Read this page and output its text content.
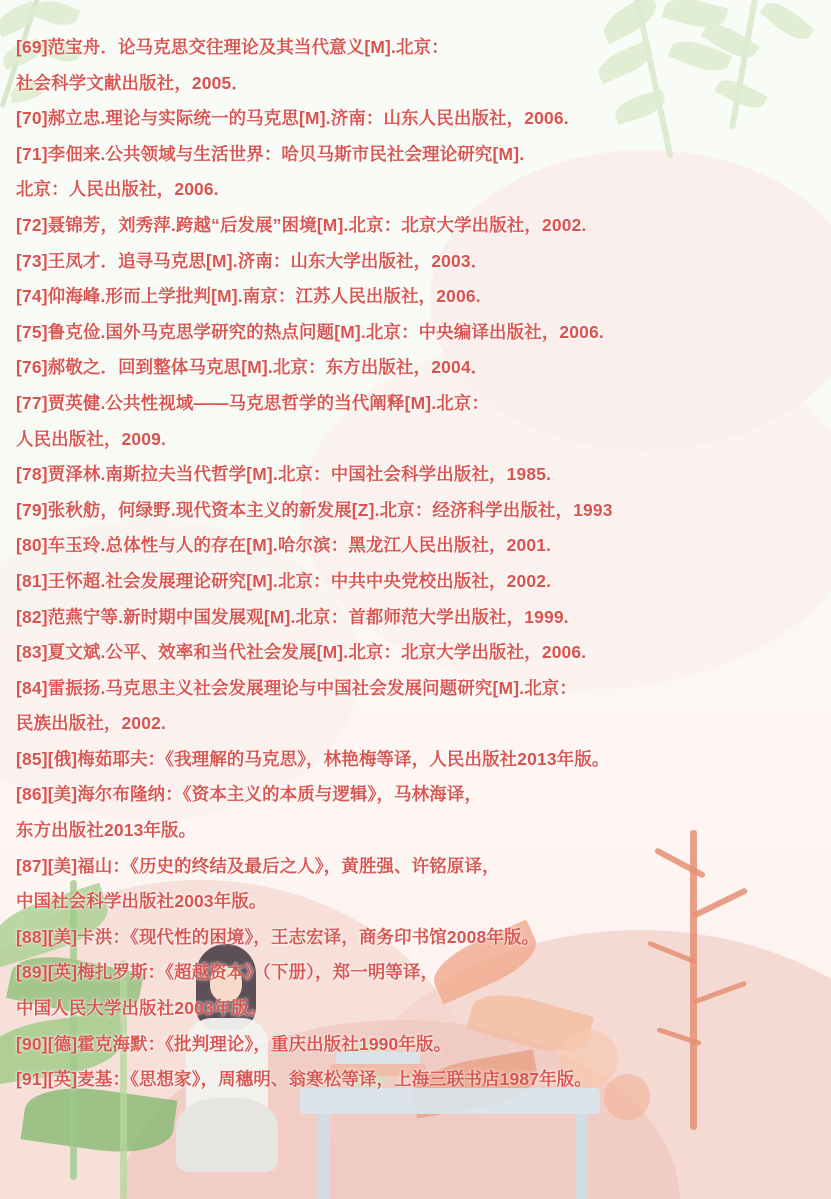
[69]范宝舟．论马克思交往理论及其当代意义[M].北京：
社会科学文献出版社，2005．
[70]郝立忠.理论与实际统一的马克思[M].济南：山东人民出版社，2006.
[71]李佃来.公共领域与生活世界：哈贝马斯市民社会理论研究[M].
北京：人民出版社，2006.
[72]聂锦芳，刘秀萍.跨越“后发展”困境[M].北京：北京大学出版社，2002.
[73]王凤才．追寻马克思[M].济南：山东大学出版社，2003．
[74]仰海峰.形而上学批判[M].南京：江苏人民出版社，2006.
[75]鲁克俭.国外马克思学研究的热点问题[M].北京：中央编译出版社，2006.
[76]郝敬之．回到整体马克思[M].北京：东方出版社，2004．
[77]贾英健.公共性视域——马克思哲学的当代阐释[M].北京：
人民出版社，2009.
[78]贾泽林.南斯拉夫当代哲学[M].北京：中国社会科学出版社，1985.
[79]张秋舫，何绿野.现代资本主义的新发展[Z].北京：经济科学出版社，1993
[80]车玉玲.总体性与人的存在[M].哈尔滨：黑龙江人民出版社，2001.
[81]王怀超.社会发展理论研究[M].北京：中共中央党校出版社，2002.
[82]范燕宁等.新时期中国发展观[M].北京：首都师范大学出版社，1999.
[83]夏文斌.公平、效率和当代社会发展[M].北京：北京大学出版社，2006.
[84]雷振扬.马克思主义社会发展理论与中国社会发展问题研究[M].北京：
民族出版社，2002.
[85][俄]梅茹耶夫：《我理解的马克思》，林艳梅等译，人民出版社2013年版。
[86][美]海尔布隆纳：《资本主义的本质与逻辑》，马林海译，
东方出版社2013年版。
[87][美]福山：《历史的终结及最后之人》，黄胜强、许铭原译，
中国社会科学出版社2003年版。
[88][美]卡洪：《现代性的困境》，王志宏译，商务印书馆2008年版。
[89][英]梅扎罗斯：《超越资本》（下册），郑一明等译，
中国人民大学出版社2003年版。
[90][德]霍克海默：《批判理论》，重庆出版社1990年版。
[91][英]麦基：《思想家》，周穗明、翁寒松等译，上海三联书店1987年版。
